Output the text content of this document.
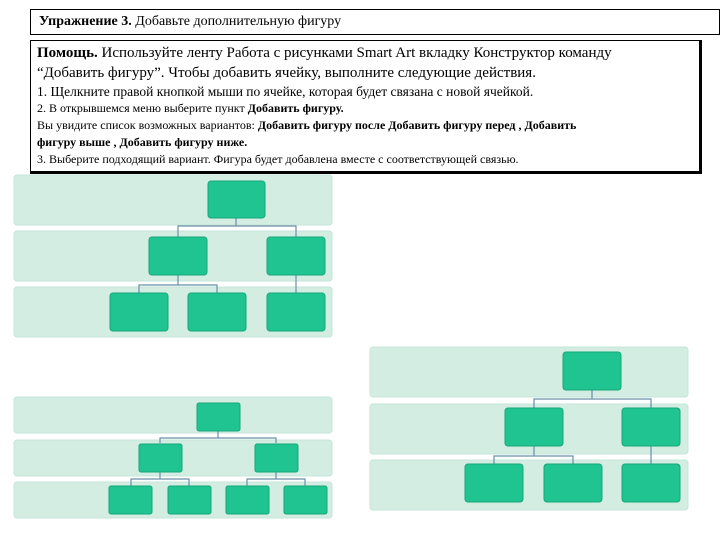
Упражнение 3. Добавьте дополнительную фигуру
Помощь. Используйте ленту Работа с рисунками Smart Art вкладку Конструктор команду
“Добавить фигуру”. Чтобы добавить ячейку, выполните следующие действия.
1. Щелкните правой кнопкой мыши по ячейке, которая будет связана с новой ячейкой.
2. В открывшемся меню выберите пункт Добавить фигуру.
Вы увидите список возможных вариантов: Добавить фигуру после Добавить фигуру перед , Добавить
фигуру выше , Добавить фигуру ниже.
3. Выберите подходящий вариант. Фигура будет добавлена вместе с соответствующей связью.
